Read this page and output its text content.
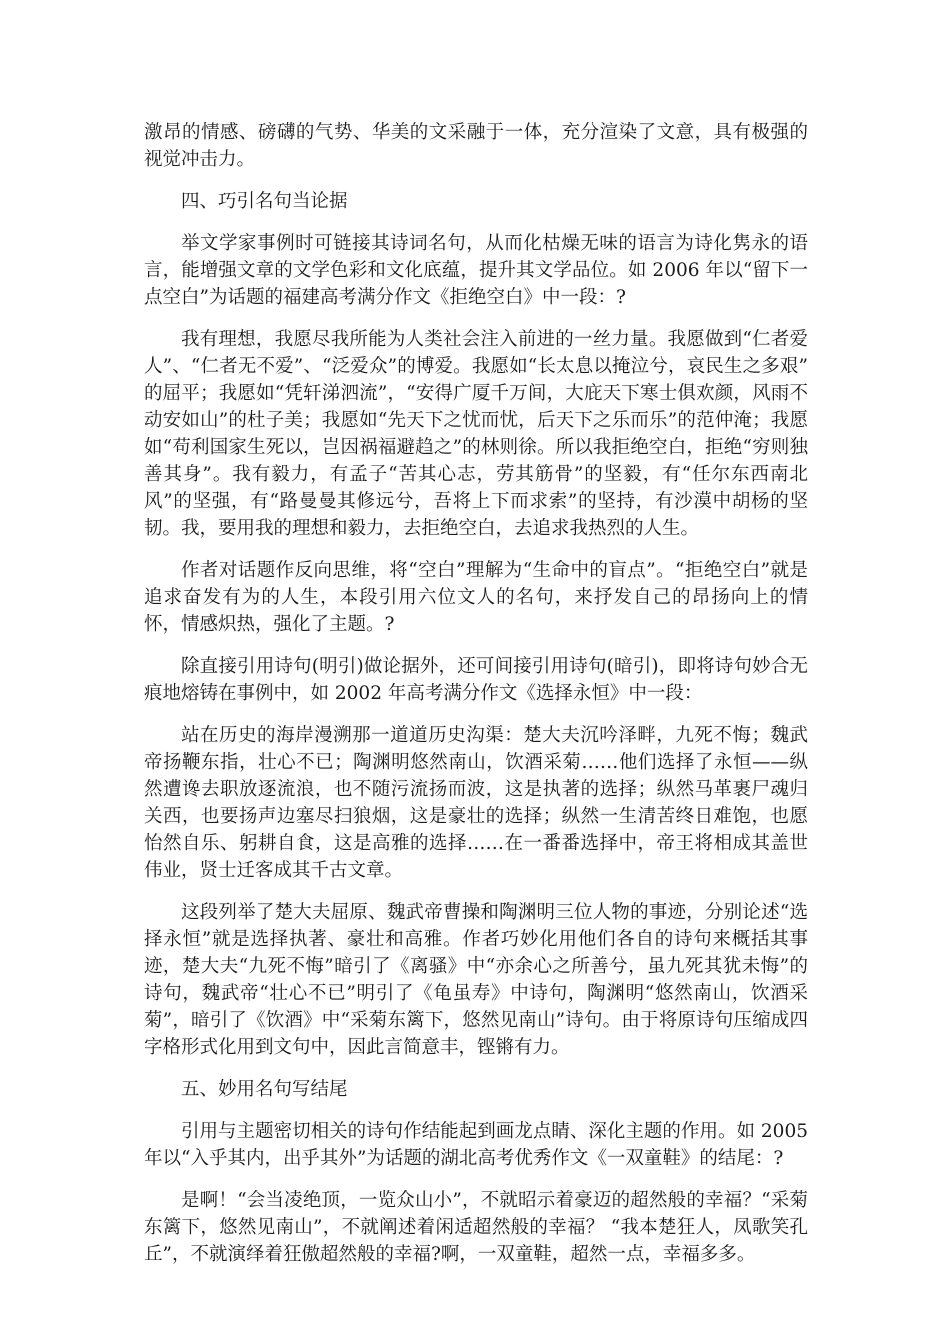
激昂的情感、磅礴的气势、华美的文采融于一体，充分渲染了文意，具有极强的视觉冲击力。

四、巧引名句当论据

举文学家事例时可链接其诗词名句，从而化枯燥无味的语言为诗化隽永的语言，能增强文章的文学色彩和文化底蕴，提升其文学品位。如 2006 年以“留下一点空白”为话题的福建高考满分作文《拒绝空白》中一段：?

我有理想，我愿尽我所能为人类社会注入前进的一丝力量。我愿做到“仁者爱人”、“仁者无不爱”、“泛爱众”的博爱。我愿如“长太息以掩泣兮，哀民生之多艰” 的屈平；我愿如“凭轩涕泗流”，“安得广厦千万间，大庇天下寒士俱欢颜，风雨不动安如山”的杜子美；我愿如“先天下之忧而忧，后天下之乐而乐”的范仲淹；我愿如“苟利国家生死以，岂因祸福避趋之”的林则徐。所以我拒绝空白，拒绝“穷则独善其身”。我有毅力，有孟子“苦其心志，劳其筋骨”的坚毅，有“任尔东西南北风”的坚强，有“路曼曼其修远兮，吾将上下而求索”的坚持，有沙漠中胡杨的坚韧。我，要用我的理想和毅力，去拒绝空白，去追求我热烈的人生。

作者对话题作反向思维，将“空白”理解为“生命中的盲点”。“拒绝空白”就是追求奋发有为的人生，本段引用六位文人的名句，来抒发自己的昂扬向上的情怀，情感炽热，强化了主题。?

除直接引用诗句(明引)做论据外，还可间接引用诗句(暗引)，即将诗句妙合无痕地熔铸在事例中，如 2002 年高考满分作文《选择永恒》中一段：

站在历史的海岸漫溯那一道道历史沟渠：楚大夫沉吟泽畔，九死不悔；魏武帝扬鞭东指，壮心不已；陶渊明悠然南山，饮酒采菊……他们选择了永恒——纵然遭谗去职放逐流浪，也不随污流扬而波，这是执著的选择；纵然马革裹尸魂归关西，也要扬声边塞尽扫狼烟，这是豪壮的选择；纵然一生清苦终日难饱，也愿怡然自乐、躬耕自食，这是高雅的选择……在一番番选择中，帝王将相成其盖世伟业，贤士迁客成其千古文章。

这段列举了楚大夫屈原、魏武帝曹操和陶渊明三位人物的事迹，分别论述“选择永恒”就是选择执著、豪壮和高雅。作者巧妙化用他们各自的诗句来概括其事迹，楚大夫“九死不悔”暗引了《离骚》中“亦余心之所善兮，虽九死其犹未悔”的诗句，魏武帝“壮心不已”明引了《龟虽寿》中诗句，陶渊明“悠然南山，饮酒采菊”，暗引了《饮酒》中“采菊东篱下，悠然见南山”诗句。由于将原诗句压缩成四字格形式化用到文句中，因此言简意丰，铿锵有力。

五、妙用名句写结尾

引用与主题密切相关的诗句作结能起到画龙点睛、深化主题的作用。如 2005 年以“入乎其内，出乎其外”为话题的湖北高考优秀作文《一双童鞋》的结尾：?

是啊！“会当凌绝顶，一览众山小”，不就昭示着豪迈的超然般的幸福？“采菊东篱下，悠然见南山”，不就阐述着闲适超然般的幸福？ “我本楚狂人，凤歌笑孔丘”，不就演绎着狂傲超然般的幸福?啊，一双童鞋，超然一点，幸福多多。
